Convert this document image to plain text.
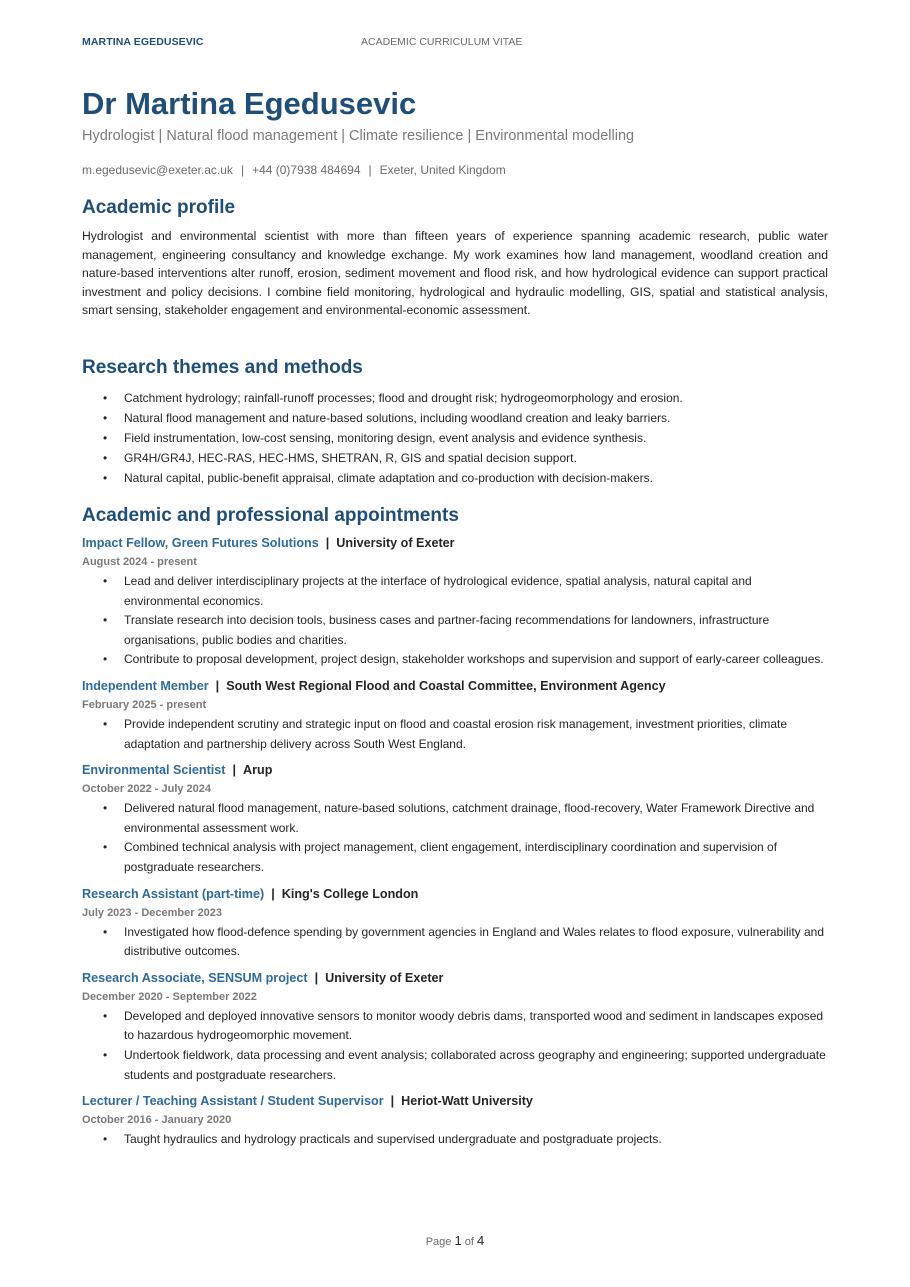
MARTINA EGEDUSEVIC	ACADEMIC CURRICULUM VITAE
Dr Martina Egedusevic
Hydrologist | Natural flood management | Climate resilience | Environmental modelling
m.egedusevic@exeter.ac.uk | +44 (0)7938 484694 | Exeter, United Kingdom
Academic profile

Hydrologist and environmental scientist with more than fifteen years of experience spanning academic research, public water management, engineering consultancy and knowledge exchange. My work examines how land management, woodland creation and nature-based interventions alter runoff, erosion, sediment movement and flood risk, and how hydrological evidence can support practical investment and policy decisions. I combine field monitoring, hydrological and hydraulic modelling, GIS, spatial and statistical analysis, smart sensing, stakeholder engagement and environmental-economic assessment.

Research themes and methods
• Catchment hydrology; rainfall-runoff processes; flood and drought risk; hydrogeomorphology and erosion.
• Natural flood management and nature-based solutions, including woodland creation and leaky barriers.
• Field instrumentation, low-cost sensing, monitoring design, event analysis and evidence synthesis.
• GR4H/GR4J, HEC-RAS, HEC-HMS, SHETRAN, R, GIS and spatial decision support.
• Natural capital, public-benefit appraisal, climate adaptation and co-production with decision-makers.
Academic and professional appointments
Impact Fellow, Green Futures Solutions | University of Exeter
August 2024 - present
• Lead and deliver interdisciplinary projects at the interface of hydrological evidence, spatial analysis, natural capital and environmental economics.
• Translate research into decision tools, business cases and partner-facing recommendations for landowners, infrastructure organisations, public bodies and charities.
• Contribute to proposal development, project design, stakeholder workshops and supervision and support of early-career colleagues.
Independent Member | South West Regional Flood and Coastal Committee, Environment Agency
February 2025 - present
• Provide independent scrutiny and strategic input on flood and coastal erosion risk management, investment priorities, climate adaptation and partnership delivery across South West England.
Environmental Scientist | Arup
October 2022 - July 2024
• Delivered natural flood management, nature-based solutions, catchment drainage, flood-recovery, Water Framework Directive and environmental assessment work.
• Combined technical analysis with project management, client engagement, interdisciplinary coordination and supervision of postgraduate researchers.
Research Assistant (part-time) | King's College London
July 2023 - December 2023
• Investigated how flood-defence spending by government agencies in England and Wales relates to flood exposure, vulnerability and distributive outcomes.
Research Associate, SENSUM project | University of Exeter
December 2020 - September 2022
• Developed and deployed innovative sensors to monitor woody debris dams, transported wood and sediment in landscapes exposed to hazardous hydrogeomorphic movement.
• Undertook fieldwork, data processing and event analysis; collaborated across geography and engineering; supported undergraduate students and postgraduate researchers.
Lecturer / Teaching Assistant / Student Supervisor | Heriot-Watt University
October 2016 - January 2020
• Taught hydraulics and hydrology practicals and supervised undergraduate and postgraduate projects.
Page 1 of 4
